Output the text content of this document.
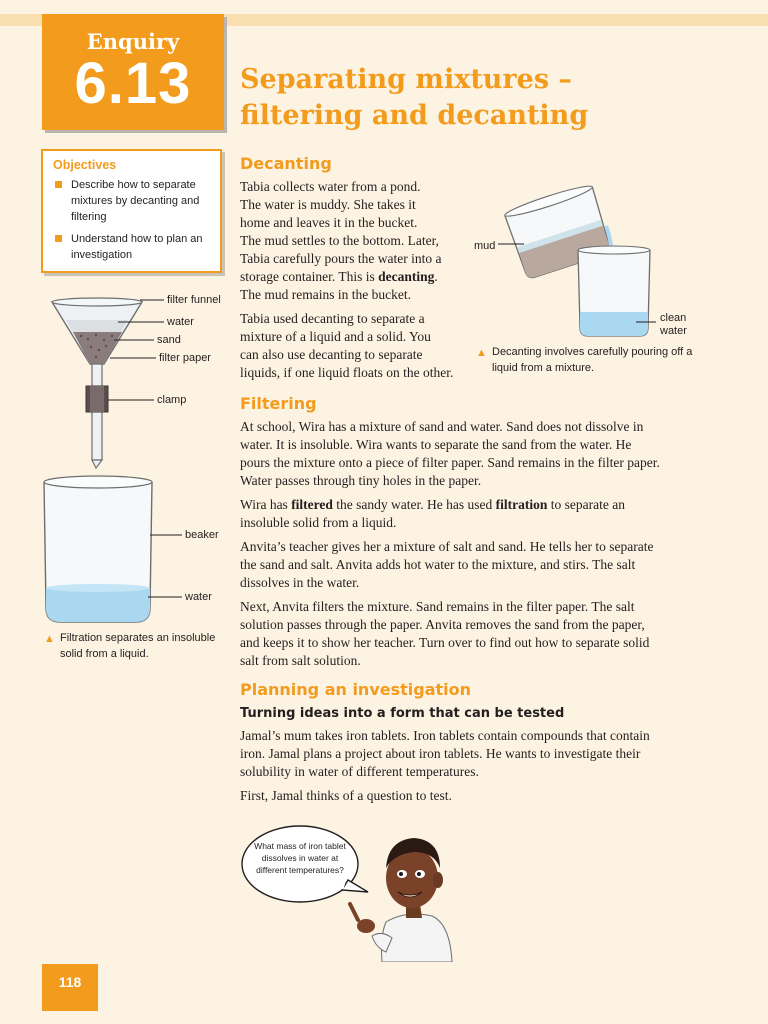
Enquiry
6.13	Separating mixtures –
filtering and decanting
Objectives
Describe how to separate mixtures by decanting and filtering
Understand how to plan an investigation
filter funnel
water
sand
filter paper
clamp
beaker
water
▲ Filtration separates an insoluble
solid from a liquid.
Decanting

Tabia collects water from a pond.
The water is muddy. She takes it
home and leaves it in the bucket.
The mud settles to the bottom. Later,
Tabia carefully pours the water into a
storage container. This is decanting.
The mud remains in the bucket.

Tabia used decanting to separate a
mixture of a liquid and a solid. You
can also use decanting to separate
liquids, if one liquid floats on the other.

mud
clean
water
▲ Decanting involves carefully pouring off a
liquid from a mixture.
Filtering

At school, Wira has a mixture of sand and water. Sand does not dissolve in
water. It is insoluble. Wira wants to separate the sand from the water. He
pours the mixture onto a piece of filter paper. Sand remains in the filter paper.
Water passes through tiny holes in the paper.

Wira has filtered the sandy water. He has used filtration to separate an
insoluble solid from a liquid.

Anvita’s teacher gives her a mixture of salt and sand. He tells her to separate
the sand and salt. Anvita adds hot water to the mixture, and stirs. The salt
dissolves in the water.

Next, Anvita filters the mixture. Sand remains in the filter paper. The salt
solution passes through the paper. Anvita removes the sand from the paper,
and keeps it to show her teacher. Turn over to find out how to separate solid
salt from salt solution.

Planning an investigation
Turning ideas into a form that can be tested

Jamal’s mum takes iron tablets. Iron tablets contain compounds that contain
iron. Jamal plans a project about iron tablets. He wants to investigate their
solubility in water of different temperatures.

First, Jamal thinks of a question to test.

What mass of iron tablet
dissolves in water at
different temperatures?
118
